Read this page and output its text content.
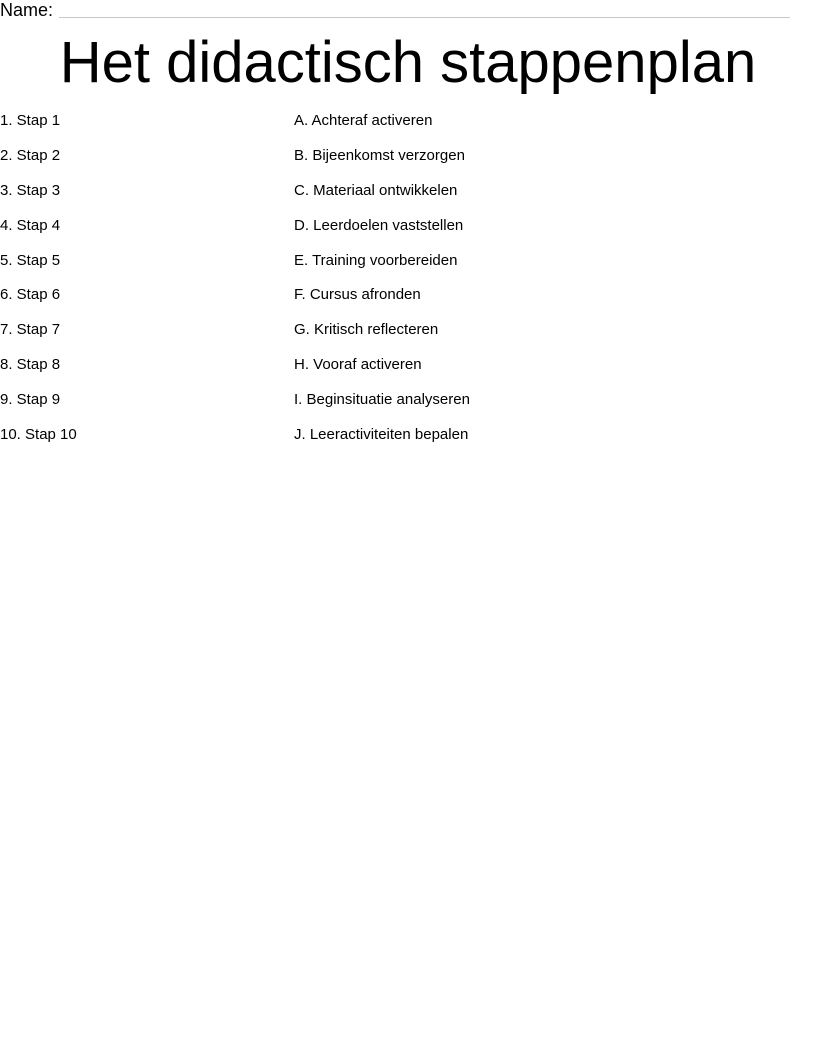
Name:
Het didactisch stappenplan
1. Stap 1
2. Stap 2
3. Stap 3
4. Stap 4
5. Stap 5
6. Stap 6
7. Stap 7
8. Stap 8
9. Stap 9
10. Stap 10
A. Achteraf activeren
B. Bijeenkomst verzorgen
C. Materiaal ontwikkelen
D. Leerdoelen vaststellen
E. Training voorbereiden
F. Cursus afronden
G. Kritisch reflecteren
H. Vooraf activeren
I. Beginsituatie analyseren
J. Leeractiviteiten bepalen
